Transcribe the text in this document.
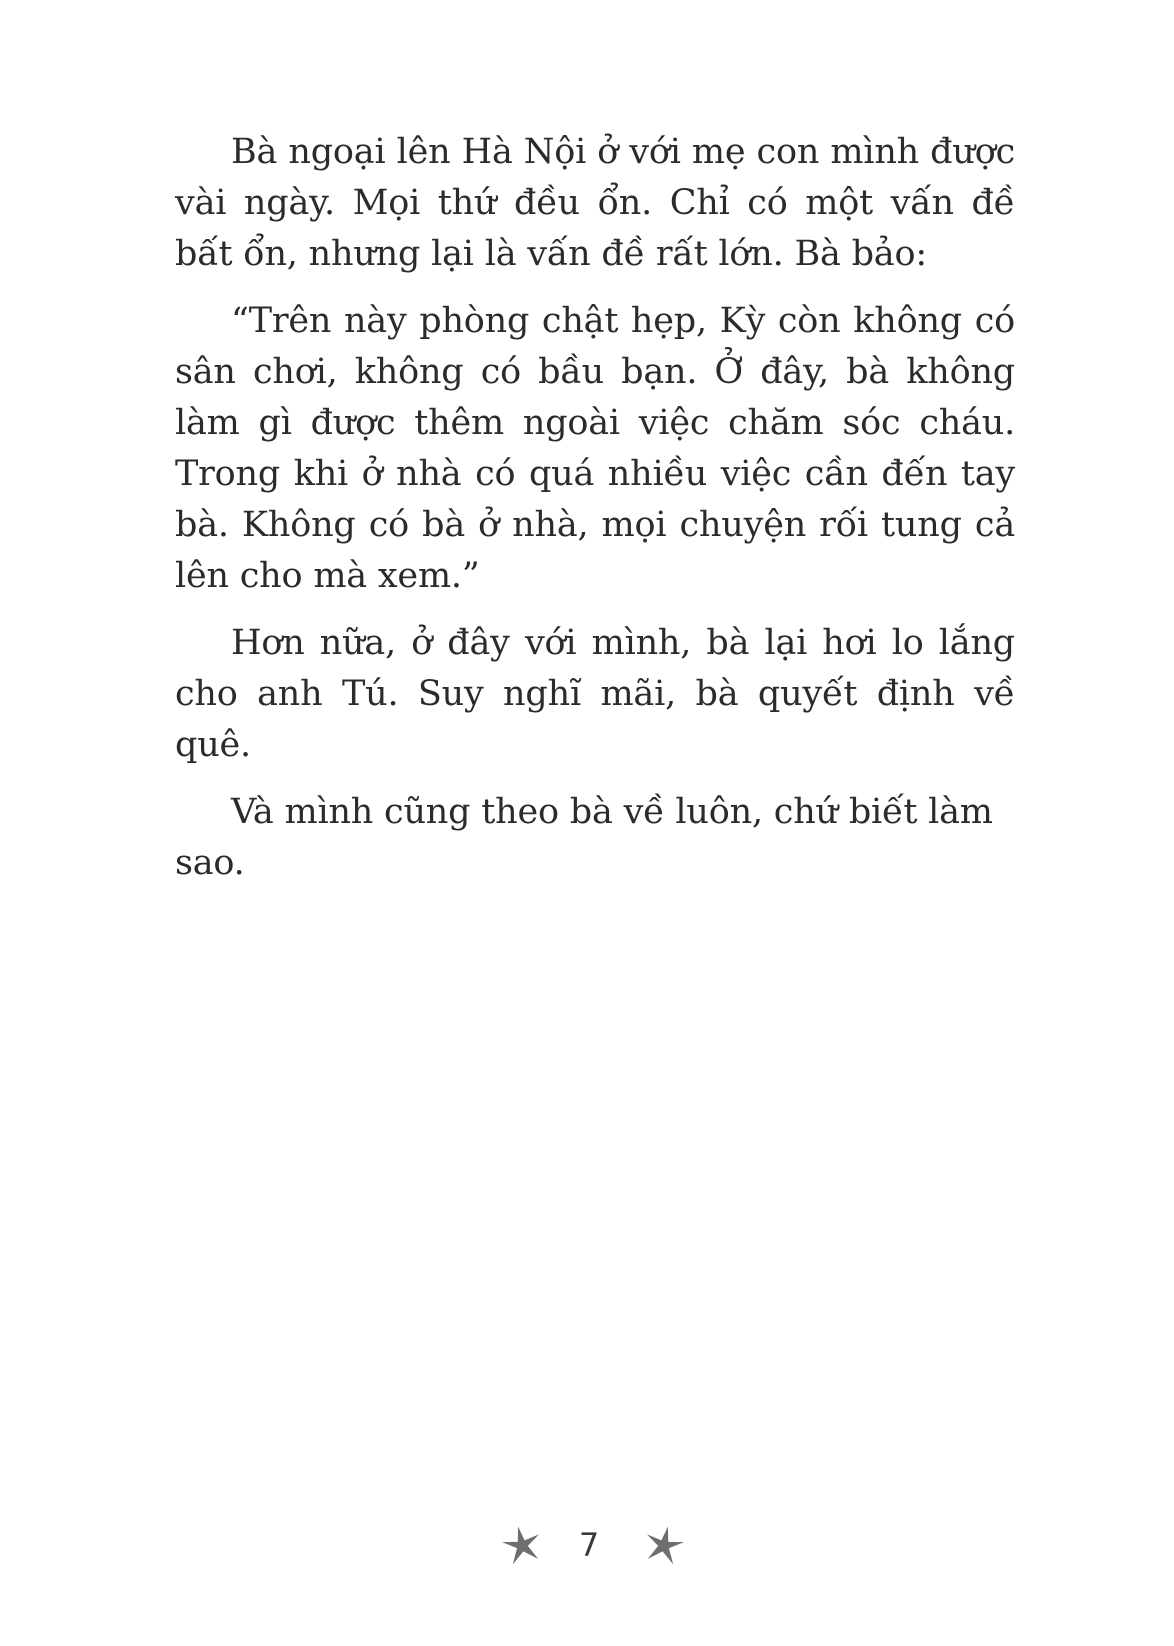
Bà ngoại lên Hà Nội ở với mẹ con mình được vài ngày. Mọi thứ đều ổn. Chỉ có một vấn đề bất ổn, nhưng lại là vấn đề rất lớn. Bà bảo:

“Trên này phòng chật hẹp, Kỳ còn không có sân chơi, không có bầu bạn. Ở đây, bà không làm gì được thêm ngoài việc chăm sóc cháu. Trong khi ở nhà có quá nhiều việc cần đến tay bà. Không có bà ở nhà, mọi chuyện rối tung cả lên cho mà xem.”

Hơn nữa, ở đây với mình, bà lại hơi lo lắng cho anh Tú. Suy nghĩ mãi, bà quyết định về quê.

Và mình cũng theo bà về luôn, chứ biết làm sao.

7
